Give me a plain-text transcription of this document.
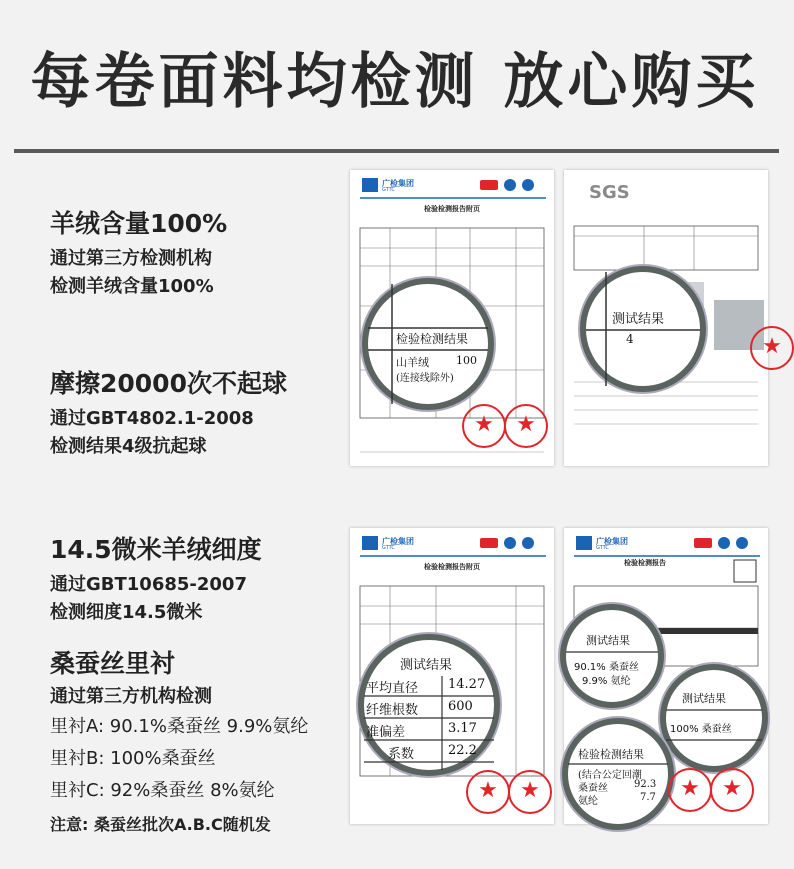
每卷面料均检测 放心购买
羊绒含量100%
通过第三方检测机构
检测羊绒含量100%
摩擦20000次不起球
通过GBT4802.1-2008
检测结果4级抗起球
14.5微米羊绒细度
通过GBT10685-2007
检测细度14.5微米
桑蚕丝里衬
通过第三方机构检测
里衬A: 90.1%桑蚕丝 9.9%氨纶
里衬B: 100%桑蚕丝
里衬C: 92%桑蚕丝 8%氨纶
注意: 桑蚕丝批次A.B.C随机发
广检集团
GTTC
检验检测报告附页
检验检测结果
山羊绒 100
(连接线除外)
★	★
SGS
测试结果
4	★
广检集团
GTTC
检验检测报告附页
测试结果
平均直径 14.27
纤维根数 600
准偏差	3.17
系数	22.2
★	★
广检集团
GTTC
检验检测报告
测试结果
90.1% 桑蚕丝
9.9% 氨纶
测试结果
100% 桑蚕丝
检验检测结果
(结合公定回潮
桑蚕丝	92.3
氨纶	7.7	★	★
